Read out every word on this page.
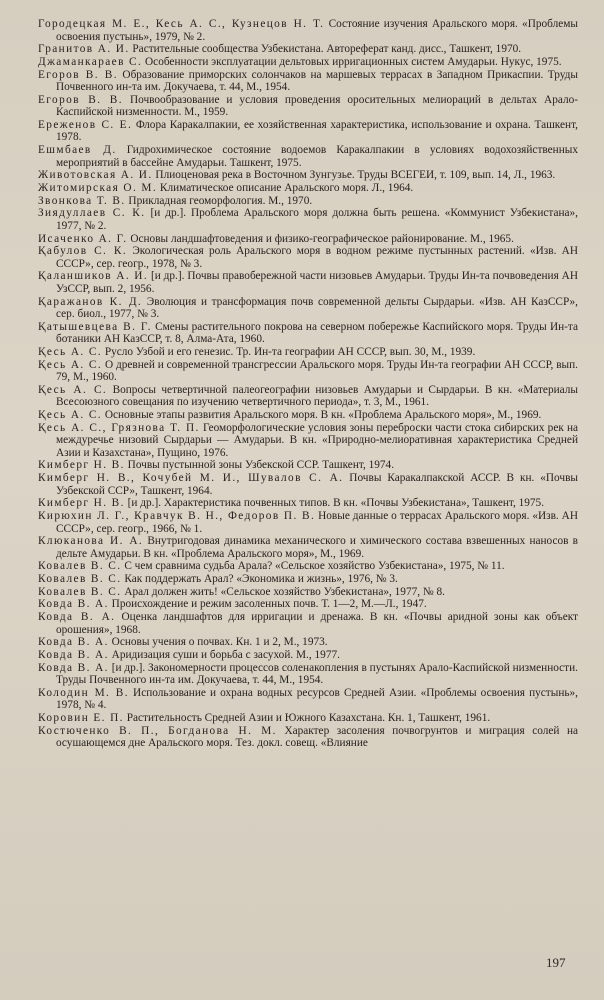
Городецкая М. Е., Кесь А. С., Кузнецов Н. Т. Состояние изучения Аральского моря. «Проблемы освоения пустынь», 1979, № 2.
Гранитов А. И. Растительные сообщества Узбекистана. Автореферат канд. дисс., Ташкент, 1970.
Джаманкараев С. Особенности эксплуатации дельтовых ирригационных систем Амударьи. Нукус, 1975.
Егоров В. В. Образование приморских солончаков на маршевых террасах в Западном Прикаспии. Труды Почвенного ин-та им. Докучаева, т. 44, М., 1954.
Егоров В. В. Почвообразование и условия проведения оросительных мелиораций в дельтах Арало-Каспийской низменности. М., 1959.
Ереженов С. Е. Флора Каракалпакии, ее хозяйственная характеристика, использование и охрана. Ташкент, 1978.
Ешмбаев Д. Гидрохимическое состояние водоемов Каракалпакии в условиях водохозяйственных мероприятий в бассейне Амударьи. Ташкент, 1975.
Животовская А. И. Плиоценовая река в Восточном Зунгузье. Труды ВСЕГЕИ, т. 109, вып. 14, Л., 1963.
Житомирская О. М. Климатическое описание Аральского моря. Л., 1964.
Звонкова Т. В. Прикладная геоморфология. М., 1970.
Зиядуллаев С. К. [и др.]. Проблема Аральского моря должна быть решена. «Коммунист Узбекистана», 1977, № 2.
Исаченко А. Г. Основы ландшафтоведения и физико-географическое районирование. М., 1965.
Қабулов С. К. Экологическая роль Аральского моря в водном режиме пустынных растений. «Изв. АН СССР», сер. геогр., 1978, № 3.
Қаланшиков А. И. [и др.]. Почвы правобережной части низовьев Амударьи. Труды Ин-та почвоведения АН УзССР, вып. 2, 1956.
Қаражанов К. Д. Эволюция и трансформация почв современной дельты Сырдарьи. «Изв. АН КазССР», сер. биол., 1977, № 3.
Қатышевцева В. Г. Смены растительного покрова на северном побережье Каспийского моря. Труды Ин-та ботаники АН КазССР, т. 8, Алма-Ата, 1960.
Қесь А. С. Русло Узбой и его генезис. Тр. Ин-та географии АН СССР, вып. 30, М., 1939.
Қесь А. С. О древней и современной трансгрессии Аральского моря. Труды Ин-та географии АН СССР, вып. 79, М., 1960.
Қесь А. С. Вопросы четвертичной палеогеографии низовьев Амударьи и Сырдарьи. В кн. «Материалы Всесоюзного совещания по изучению четвертичного периода», т. 3, М., 1961.
Қесь А. С. Основные этапы развития Аральского моря. В кн. «Проблема Аральского моря», М., 1969.
Қесь А. С., Грязнова Т. П. Геоморфологические условия зоны переброски части стока сибирских рек на междуречье низовий Сырдарьи — Амударьи. В кн. «Природно-мелиоративная характеристика Средней Азии и Казахстана», Пущино, 1976.
Кимберг Н. В. Почвы пустынной зоны Узбекской ССР. Ташкент, 1974.
Кимберг Н. В., Кочубей М. И., Шувалов С. А. Почвы Каракалпакской АССР. В кн. «Почвы Узбекской ССР», Ташкент, 1964.
Кимберг Н. В. [и др.]. Характеристика почвенных типов. В кн. «Почвы Узбекистана», Ташкент, 1975.
Кирюхин Л. Г., Кравчук В. Н., Федоров П. В. Новые данные о террасах Аральского моря. «Изв. АН СССР», сер. геогр., 1966, № 1.
Клюканова И. А. Внутригодовая динамика механического и химического состава взвешенных наносов в дельте Амударьи. В кн. «Проблема Аральского моря», М., 1969.
Ковалев В. С. С чем сравнима судьба Арала? «Сельское хозяйство Узбекистана», 1975, № 11.
Ковалев В. С. Как поддержать Арал? «Экономика и жизнь», 1976, № 3.
Ковалев В. С. Арал должен жить! «Сельское хозяйство Узбекистана», 1977, № 8.
Ковда В. А. Происхождение и режим засоленных почв. Т. 1—2, М.—Л., 1947.
Ковда В. А. Оценка ландшафтов для ирригации и дренажа. В кн. «Почвы аридной зоны как объект орошения», 1968.
Ковда В. А. Основы учения о почвах. Кн. 1 и 2, М., 1973.
Ковда В. А. Аридизация суши и борьба с засухой. М., 1977.
Ковда В. А. [и др.]. Закономерности процессов соленакопления в пустынях Арало-Каспийской низменности. Труды Почвенного ин-та им. Докучаева, т. 44, М., 1954.
Колодин М. В. Использование и охрана водных ресурсов Средней Азии. «Проблемы освоения пустынь», 1978, № 4.
Коровин Е. П. Растительность Средней Азии и Южного Казахстана. Кн. 1, Ташкент, 1961.
Костюченко В. П., Богданова Н. М. Характер засоления почвогрунтов и миграция солей на осушающемся дне Аральского моря. Тез. докл. совещ. «Влияние
197
